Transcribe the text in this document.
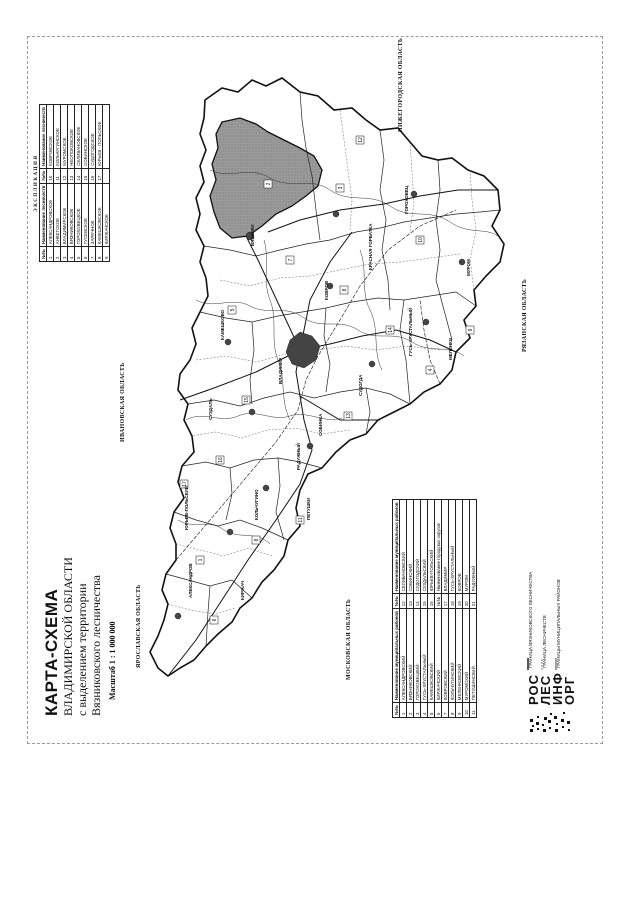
5
7
8
9
10
3
12
15
16
1
8
6
11
13
4
2
14
17
ВЯЗНИКИ
КАМЕШКОВО
КОВРОВ
МУРОМ
МЕЛЕНКИ
ГУСЬ-ХРУСТАЛЬНЫЙ
СОБИНКА
СУЗДАЛЬ
КОЛЬЧУГИНО
КИРЖАЧ
ПЕТУШКИ
АЛЕКСАНДРОВ
ЮРЬЕВ-ПОЛЬСКИЙ
СУДОГДА
ГОРОХОВЕЦ
РАДУЖНЫЙ
КРАСНАЯ ГОРБАТКА
ВЛАДИМИР
ИВАНОВСКАЯ ОБЛАСТЬ
ЯРОСЛАВСКАЯ ОБЛАСТЬ	МОСКОВСКАЯ ОБЛАСТЬ
РЯЗАНСКАЯ ОБЛАСТЬ
НИЖЕГОРОДСКАЯ ОБЛАСТЬ
КАРТА-СХЕМА ВЛАДИМИРСКОЙ ОБЛАСТИ с выделением территории Вязниковского лесничества Масштаб 1 : 1 000 000
ЭКСПЛИКАЦИЯ
№№	Наименование лесничеств	№№	Наименование лесничеств
1	АЛЕКСАНДРОВСКОЕ	10	КОВРОВСКОЕ
2	АНКЕТСКОЕ	11	КОЛЬЧУГИНСКОЕ
3	ВЛАДИМИРСКОЕ	12	МУРОМСКОЕ
4	ВЯЗНИКОВСКОЕ	13	НЕОПОКОВСКОЕ
5	ГОРОХОВЕЦКОЕ	14	СЕЛИВАНОВСКОЕ
6	ГУСЕВСКОЕ	15	СОБИНСКОЕ
7	ЗАРЕЧНОЕ	16	СУДОГОДСКОЕ
8	КАМЕШКОВСКОЕ	17	ЮРЬЕВ - ПОЛЬСКОЕ
9	КИРЖАЧСКОЕ		
№№	Наименование муниципальных районов	№№	Наименование муниципальных районов
1	АЛЕКСАНДРОВСКИЙ	12	СЕЛИВАНОВСКИЙ
2	ВЯЗНИКОВСКИЙ	13	СОБИНСКИЙ
3	ГОРОХОВЕЦКИЙ	14	СУДОГОДСКИЙ
4	ГУСЬ-ХРУСТАЛЬНЫЙ	15	СУЗДАЛЬСКИЙ
5	КАМЕШКОВСКИЙ	16	ЮРЬЕВ-ПОЛЬСКИЙ
6	КИРЖАЧСКИЙ	№№	Наименование городских округов
7	КОВРОВСКИЙ	17	ВЛАДИМИР
8	КОЛЬЧУГИНСКИЙ	18	ГУСЬ-ХРУСТАЛЬНЫЙ
9	МЕЛЕНКОВСКИЙ	19	КОВРОВ
10	МУРОМСКИЙ	20	МУРОМ
11	ПЕТУШИНСКИЙ	21	РАДУЖНЫЙ	ГРАНИЦА ВЯЗНИКОВСКОГО ЛЕСНИЧЕСТВА ГРАНИЦА ЛЕСНИЧЕСТВ ГРАНИЦЫ МУНИЦИПАЛЬНЫХ РАЙОНОВ
РОС
ЛЕС
ИНФ
ОРГ
